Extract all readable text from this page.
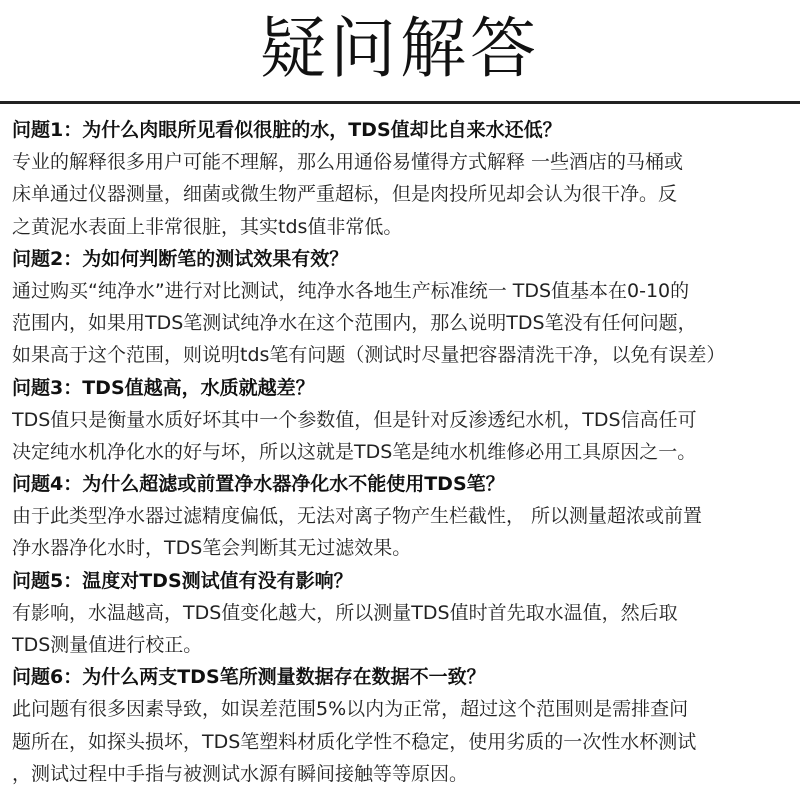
疑问解答
问题1：为什么肉眼所见看似很脏的水，TDS值却比自来水还低？
专业的解释很多用户可能不理解，那么用通俗易懂得方式解释 一些酒店的马桶或
床单通过仪器测量，细菌或微生物严重超标，但是肉投所见却会认为很干净。反
之黄泥水表面上非常很脏，其实tds值非常低。
问题2：为如何判断笔的测试效果有效？
通过购买“纯净水”进行对比测试，纯净水各地生产标准统一 TDS值基本在0-10的
范围内，如果用TDS笔测试纯净水在这个范围内，那么说明TDS笔没有任何问题，
如果高于这个范围，则说明tds笔有问题（测试时尽量把容器清洗干净，以免有误差）
问题3：TDS值越高，水质就越差？
TDS值只是衡量水质好坏其中一个参数值，但是针对反渗透纪水机，TDS信高任可
决定纯水机净化水的好与坏，所以这就是TDS笔是纯水机维修必用工具原因之一。
问题4：为什么超滤或前置净水器净化水不能使用TDS笔？
由于此类型净水器过滤精度偏低，无法对离子物产生栏截性， 所以测量超浓或前置
净水器净化水时，TDS笔会判断其无过滤效果。
问题5：温度对TDS测试值有没有影响？
有影响，水温越高，TDS值变化越大，所以测量TDS值时首先取水温值，然后取
TDS测量值进行校正。
问题6：为什么两支TDS笔所测量数据存在数据不一致？
此问题有很多因素导致，如误差范围5%以内为正常，超过这个范围则是需排查问
题所在，如探头损坏，TDS笔塑料材质化学性不稳定，使用劣质的一次性水杯测试
，测试过程中手指与被测试水源有瞬间接触等等原因。
